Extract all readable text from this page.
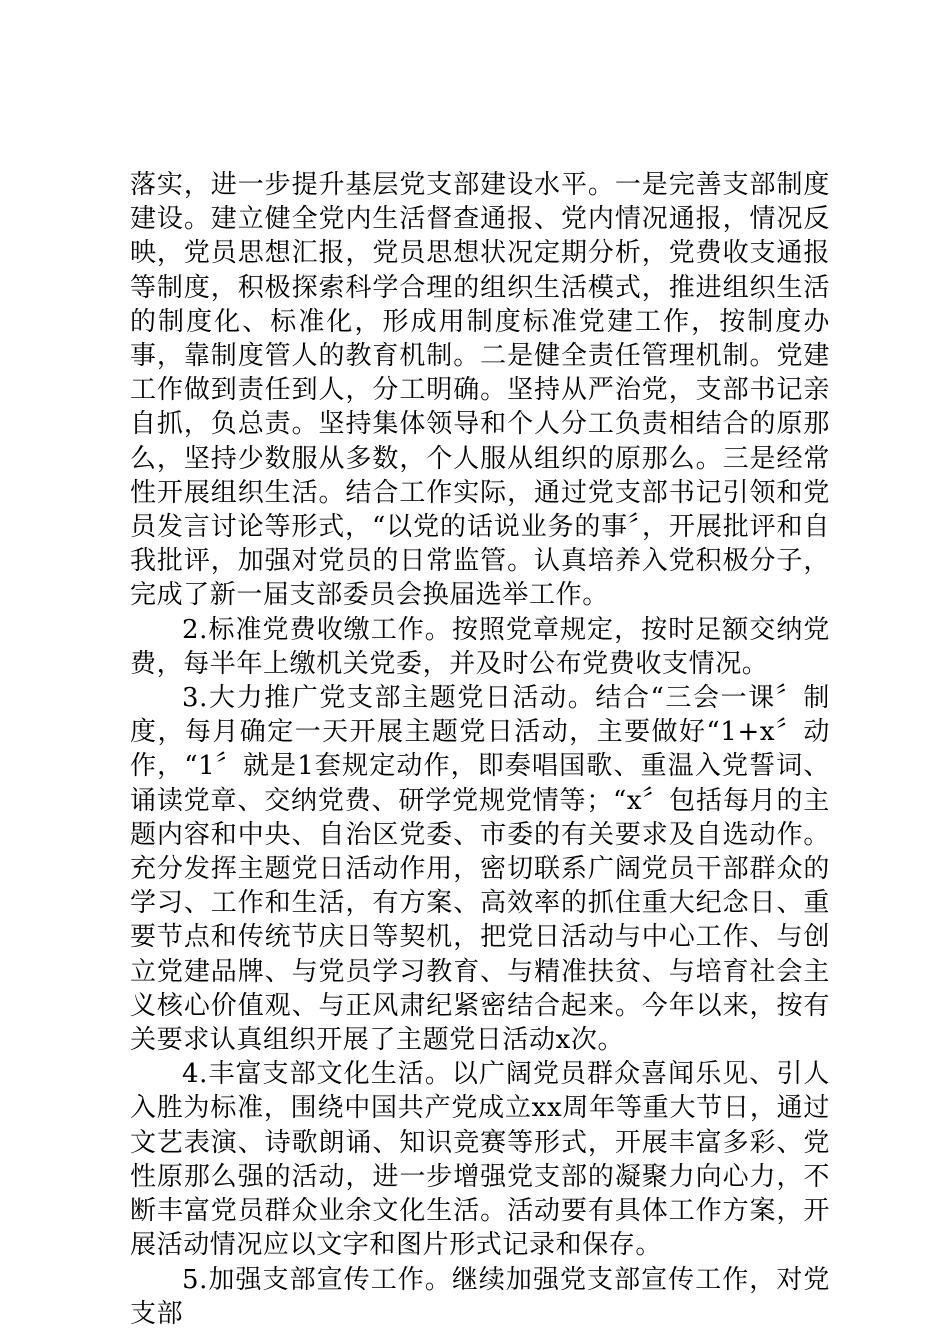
落实，进一步提升基层党支部建设水平。一是完善支部制度建设。建立健全党内生活督查通报、党内情况通报，情况反映，党员思想汇报，党员思想状况定期分析，党费收支通报等制度，积极探索科学合理的组织生活模式，推进组织生活的制度化、标准化，形成用制度标准党建工作，按制度办事，靠制度管人的教育机制。二是健全责任管理机制。党建工作做到责任到人，分工明确。坚持从严治党，支部书记亲自抓，负总责。坚持集体领导和个人分工负责相结合的原那么，坚持少数服从多数，个人服从组织的原那么。三是经常性开展组织生活。结合工作实际，通过党支部书记引领和党员发言讨论等形式，“以党的话说业务的事〞，开展批评和自我批评，加强对党员的日常监管。认真培养入党积极分子，完成了新一届支部委员会换届选举工作。

2.标准党费收缴工作。按照党章规定，按时足额交纳党费，每半年上缴机关党委，并及时公布党费收支情况。

3.大力推广党支部主题党日活动。结合“三会一课〞制度，每月确定一天开展主题党日活动，主要做好“1+x〞动作，“1〞就是1套规定动作，即奏唱国歌、重温入党誓词、诵读党章、交纳党费、研学党规党情等；“x〞包括每月的主题内容和中央、自治区党委、市委的有关要求及自选动作。充分发挥主题党日活动作用，密切联系广阔党员干部群众的学习、工作和生活，有方案、高效率的抓住重大纪念日、重要节点和传统节庆日等契机，把党日活动与中心工作、与创立党建品牌、与党员学习教育、与精准扶贫、与培育社会主义核心价值观、与正风肃纪紧密结合起来。今年以来，按有关要求认真组织开展了主题党日活动x次。

4.丰富支部文化生活。以广阔党员群众喜闻乐见、引人入胜为标准，围绕中国共产党成立xx周年等重大节日，通过文艺表演、诗歌朗诵、知识竞赛等形式，开展丰富多彩、党性原那么强的活动，进一步增强党支部的凝聚力向心力，不断丰富党员群众业余文化生活。活动要有具体工作方案，开展活动情况应以文字和图片形式记录和保存。

5.加强支部宣传工作。继续加强党支部宣传工作，对党支部
